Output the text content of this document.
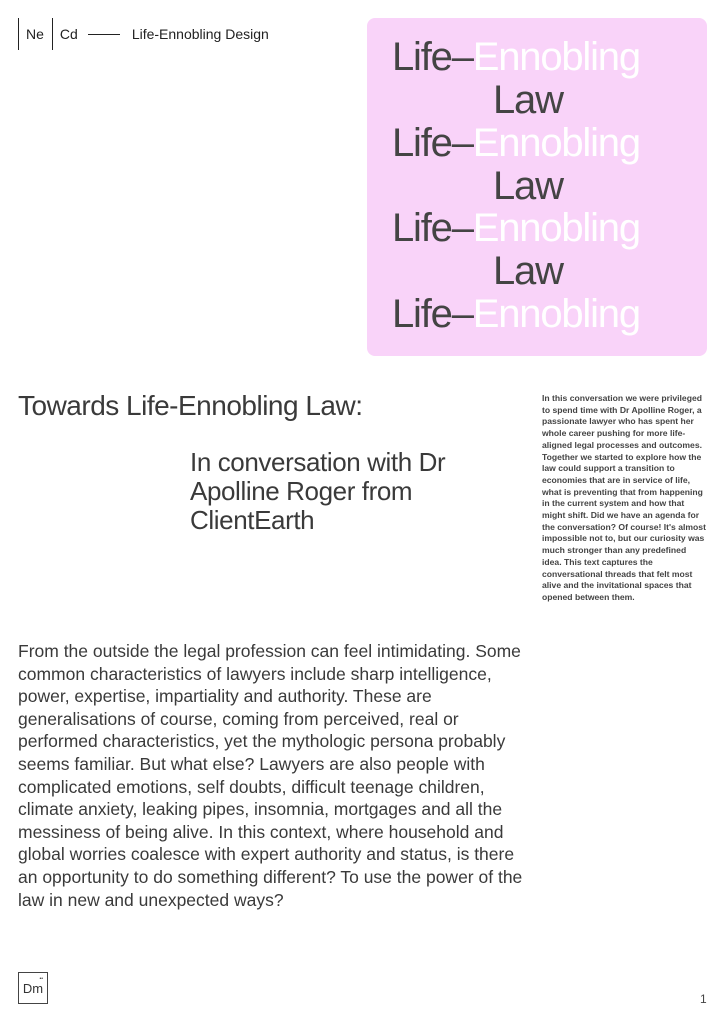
Ne	Cd	Life-Ennobling Design
Life–Ennobling
Law
Life–Ennobling
Law
Life–Ennobling
Law
Life–Ennobling
Towards Life-Ennobling Law:
In conversation with Dr Apolline Roger from ClientEarth

In this conversation we were privileged to spend time with Dr Apolline Roger, a passionate lawyer who has spent her whole career pushing for more life-aligned legal processes and outcomes. Together we started to explore how the law could support a transition to economies that are in service of life, what is preventing that from happening in the current system and how that might shift. Did we have an agenda for the conversation? Of course! It's almost impossible not to, but our curiosity was much stronger than any predefined idea. This text captures the conversational threads that felt most alive and the invitational spaces that opened between them.

From the outside the legal profession can feel intimidating. Some common characteristics of lawyers include sharp intelligence, power, expertise, impartiality and authority. These are generalisations of course, coming from perceived, real or performed characteristics, yet the mythologic persona probably seems familiar. But what else? Lawyers are also people with complicated emotions, self doubts, difficult teenage children, climate anxiety, leaking pipes, insomnia, mortgages and all the messiness of being alive. In this context, where household and global worries coalesce with expert authority and status, is there an opportunity to do something different? To use the power of the law in new and unexpected ways?

Dm
••
1
